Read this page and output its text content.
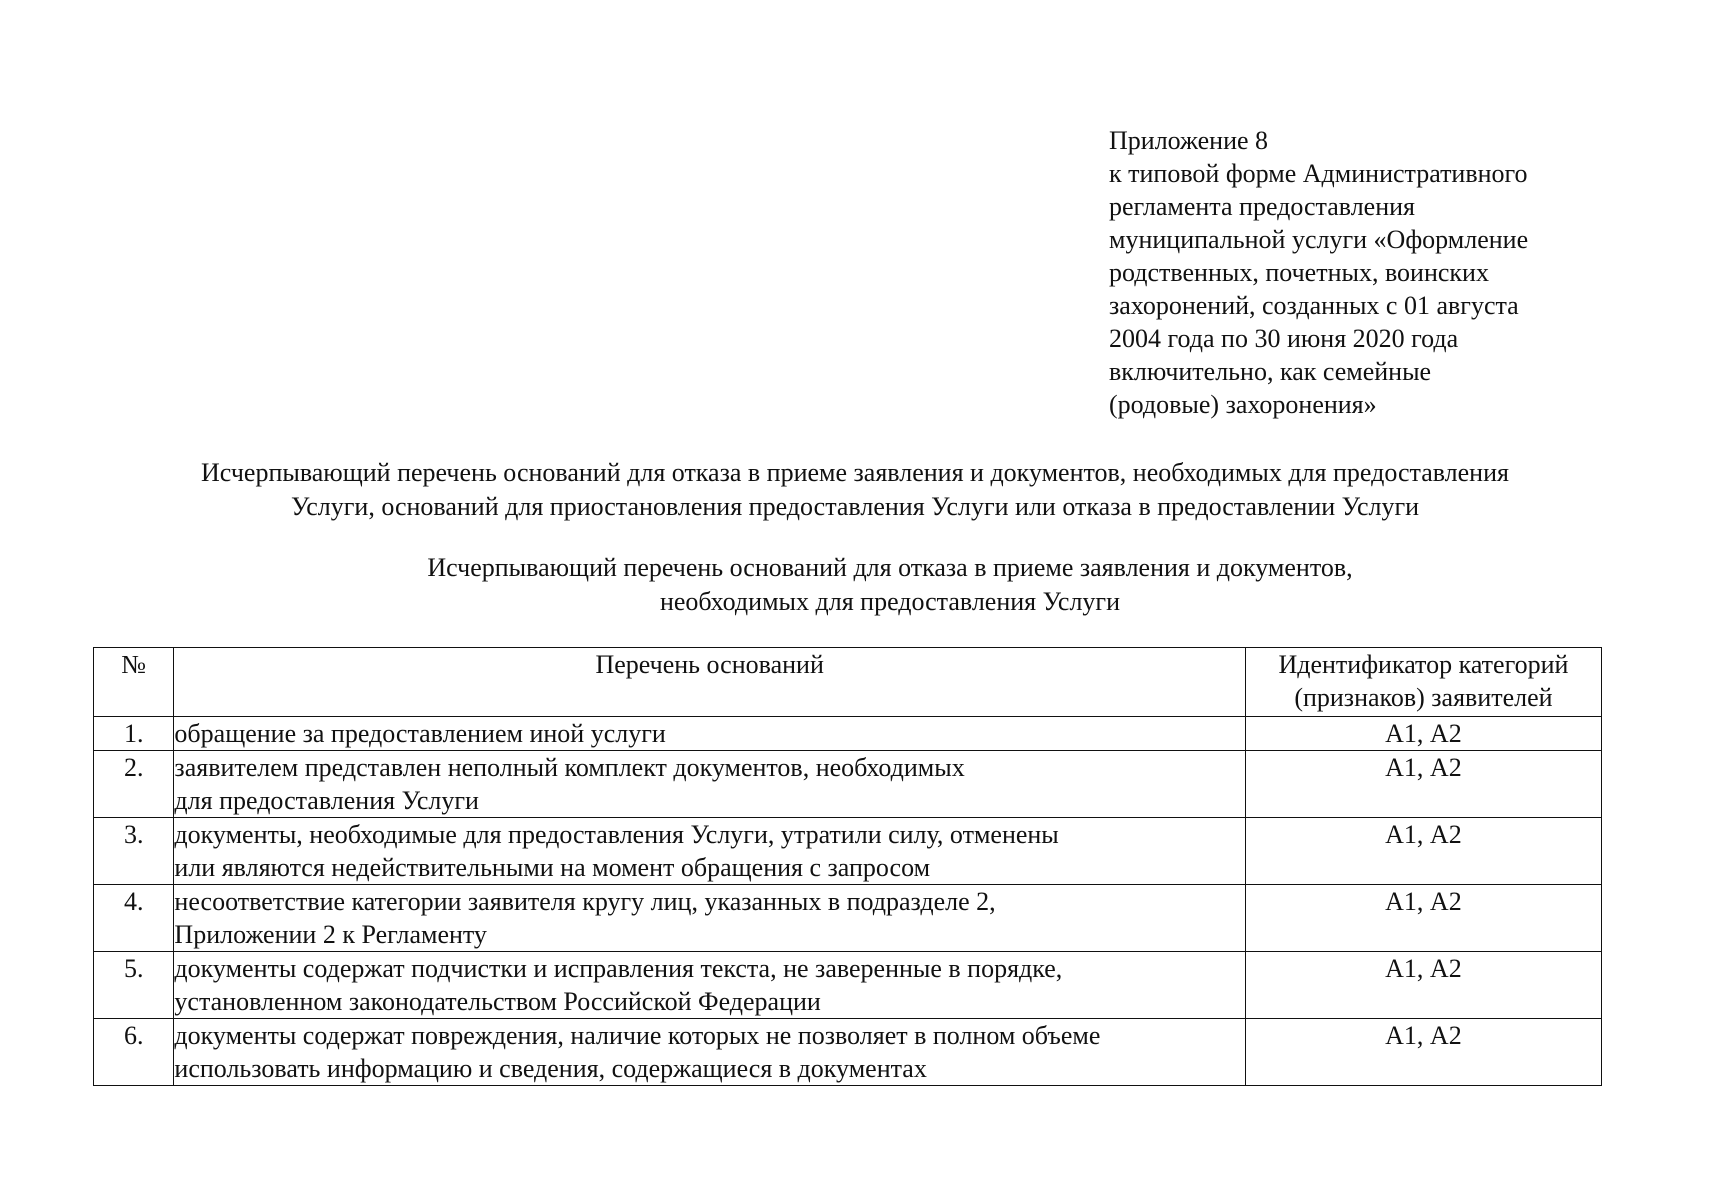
Приложение 8
к типовой форме Административного
регламента предоставления
муниципальной услуги «Оформление
родственных, почетных, воинских
захоронений, созданных с 01 августа
2004 года по 30 июня 2020 года
включительно, как семейные
(родовые) захоронения»
Исчерпывающий перечень оснований для отказа в приеме заявления и документов, необходимых для предоставления
Услуги, оснований для приостановления предоставления Услуги или отказа в предоставлении Услуги
Исчерпывающий перечень оснований для отказа в приеме заявления и документов,
необходимых для предоставления Услуги
№	Перечень оснований	Идентификатор категорий
(признаков) заявителей

1.	обращение за предоставлением иной услуги	А1, А2
2.	заявителем представлен неполный комплект документов, необходимых
для предоставления Услуги	А1, А2
3.	документы, необходимые для предоставления Услуги, утратили силу, отменены
или являются недействительными на момент обращения с запросом	А1, А2
4.	несоответствие категории заявителя кругу лиц, указанных в подразделе 2,
Приложении 2 к Регламенту	А1, А2
5.	документы содержат подчистки и исправления текста, не заверенные в порядке,
установленном законодательством Российской Федерации	А1, А2
6.	документы содержат повреждения, наличие которых не позволяет в полном объеме
использовать информацию и сведения, содержащиеся в документах	А1, А2
